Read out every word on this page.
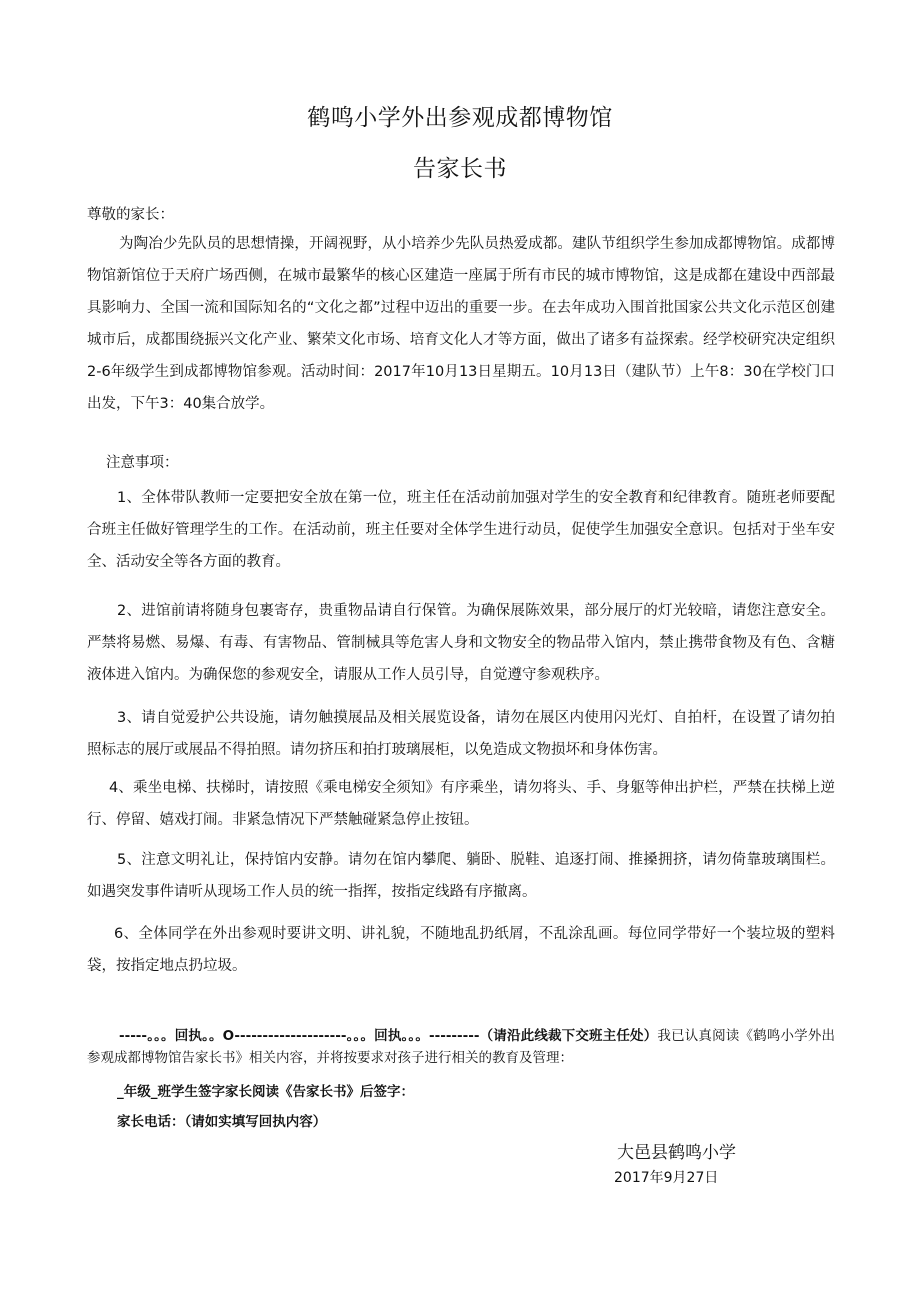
鹤鸣小学外出参观成都博物馆
告家长书
尊敬的家长：

为陶冶少先队员的思想情操，开阔视野，从小培养少先队员热爱成都。建队节组织学生参加成都博物馆。成都博物馆新馆位于天府广场西侧，在城市最繁华的核心区建造一座属于所有市民的城市博物馆，这是成都在建设中西部最具影响力、全国一流和国际知名的“文化之都”过程中迈出的重要一步。在去年成功入围首批国家公共文化示范区创建城市后，成都围绕振兴文化产业、繁荣文化市场、培育文化人才等方面，做出了诸多有益探索。经学校研究决定组织2-6年级学生到成都博物馆参观。活动时间：2017年10月13日星期五。10月13日（建队节）上午8：30在学校门口出发，下午3：40集合放学。

注意事项：

1、全体带队教师一定要把安全放在第一位，班主任在活动前加强对学生的安全教育和纪律教育。随班老师要配合班主任做好管理学生的工作。在活动前，班主任要对全体学生进行动员，促使学生加强安全意识。包括对于坐车安全、活动安全等各方面的教育。

2、进馆前请将随身包裹寄存，贵重物品请自行保管。为确保展陈效果，部分展厅的灯光较暗，请您注意安全。严禁将易燃、易爆、有毒、有害物品、管制械具等危害人身和文物安全的物品带入馆内，禁止携带食物及有色、含糖液体进入馆内。为确保您的参观安全，请服从工作人员引导，自觉遵守参观秩序。

3、请自觉爱护公共设施，请勿触摸展品及相关展览设备，请勿在展区内使用闪光灯、自拍杆，在设置了请勿拍照标志的展厅或展品不得拍照。请勿挤压和拍打玻璃展柜，以免造成文物损坏和身体伤害。

4、乘坐电梯、扶梯时，请按照《乘电梯安全须知》有序乘坐，请勿将头、手、身躯等伸出护栏，严禁在扶梯上逆行、停留、嬉戏打闹。非紧急情况下严禁触碰紧急停止按钮。

5、注意文明礼让，保持馆内安静。请勿在馆内攀爬、躺卧、脱鞋、追逐打闹、推搡拥挤，请勿倚靠玻璃围栏。如遇突发事件请听从现场工作人员的统一指挥，按指定线路有序撤离。

6、全体同学在外出参观时要讲文明、讲礼貌，不随地乱扔纸屑，不乱涂乱画。每位同学带好一个装垃圾的塑料袋，按指定地点扔垃圾。

-----。。。回执。。O--------------------。。。回执。。。---------（请沿此线裁下交班主任处）我已认真阅读《鹤鸣小学外出参观成都博物馆告家长书》相关内容，并将按要求对孩子进行相关的教育及管理：

_年级_班学生签字家长阅读《告家长书》后签字：
家长电话：（请如实填写回执内容）
大邑县鹤鸣小学
2017年9月27日
